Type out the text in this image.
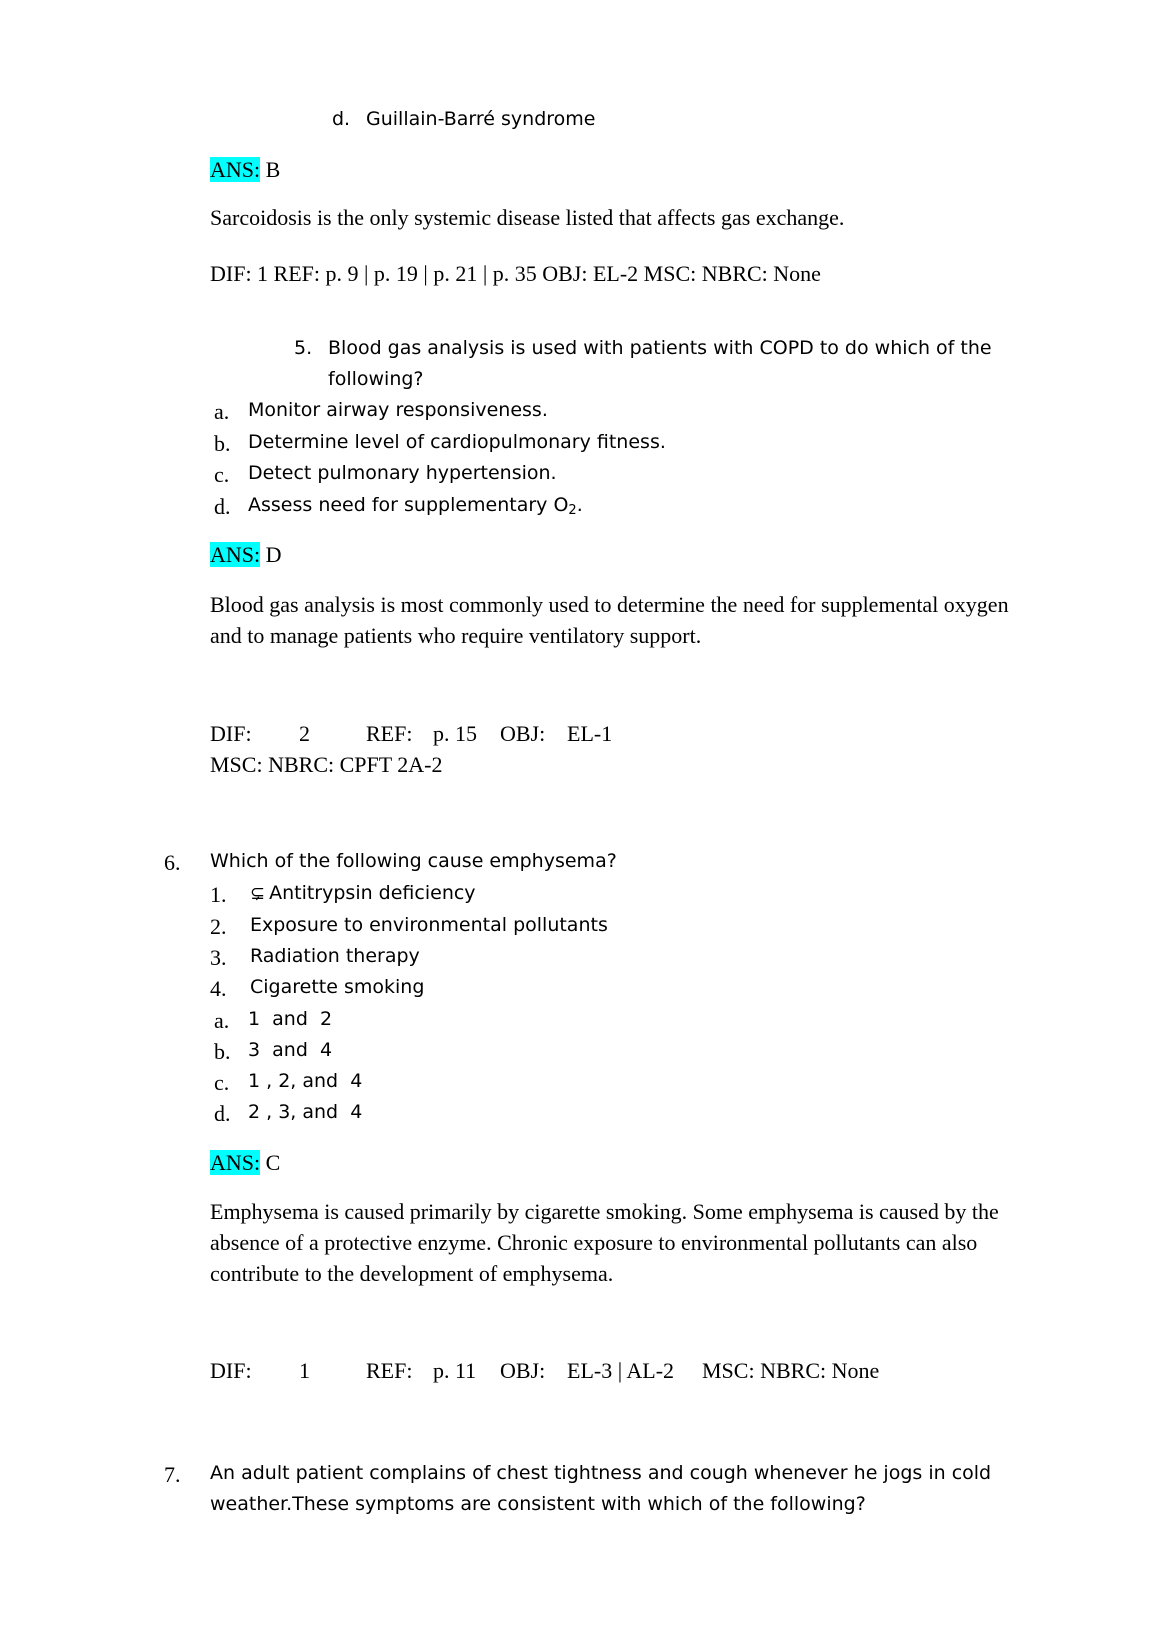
d. Guillain-Barré syndrome
ANS: B
Sarcoidosis is the only systemic disease listed that affects gas exchange.
DIF: 1 REF: p. 9 | p. 19 | p. 21 | p. 35 OBJ: EL-2 MSC: NBRC: None
5. Blood gas analysis is used with patients with COPD to do which of the
following?
a. Monitor airway responsiveness.
b. Determine level of cardiopulmonary fitness.
c. Detect pulmonary hypertension.
d. Assess need for supplementary $O_2$.
ANS: D
Blood gas analysis is most commonly used to determine the need for supplemental oxygen and to manage patients who require ventilatory support.
DIF: 2	REF: p. 15 OBJ: EL-1
MSC: NBRC: CPFT 2A-2
6. Which of the following cause emphysema?
1. ⊊ Antitrypsin deficiency
2. Exposure to environmental pollutants
3. Radiation therapy
4. Cigarette smoking
a. 1  and  2
b. 3  and  4
c. 1 , 2, and  4
d. 2 , 3, and  4
ANS: C
Emphysema is caused primarily by cigarette smoking. Some emphysema is caused by the absence of a protective enzyme. Chronic exposure to environmental pollutants can also contribute to the development of emphysema.
DIF: 1	REF: p. 11 OBJ: EL-3 | AL-2 MSC: NBRC: None
7. An adult patient complains of chest tightness and cough whenever he jogs in cold
weather.These symptoms are consistent with which of the following?
